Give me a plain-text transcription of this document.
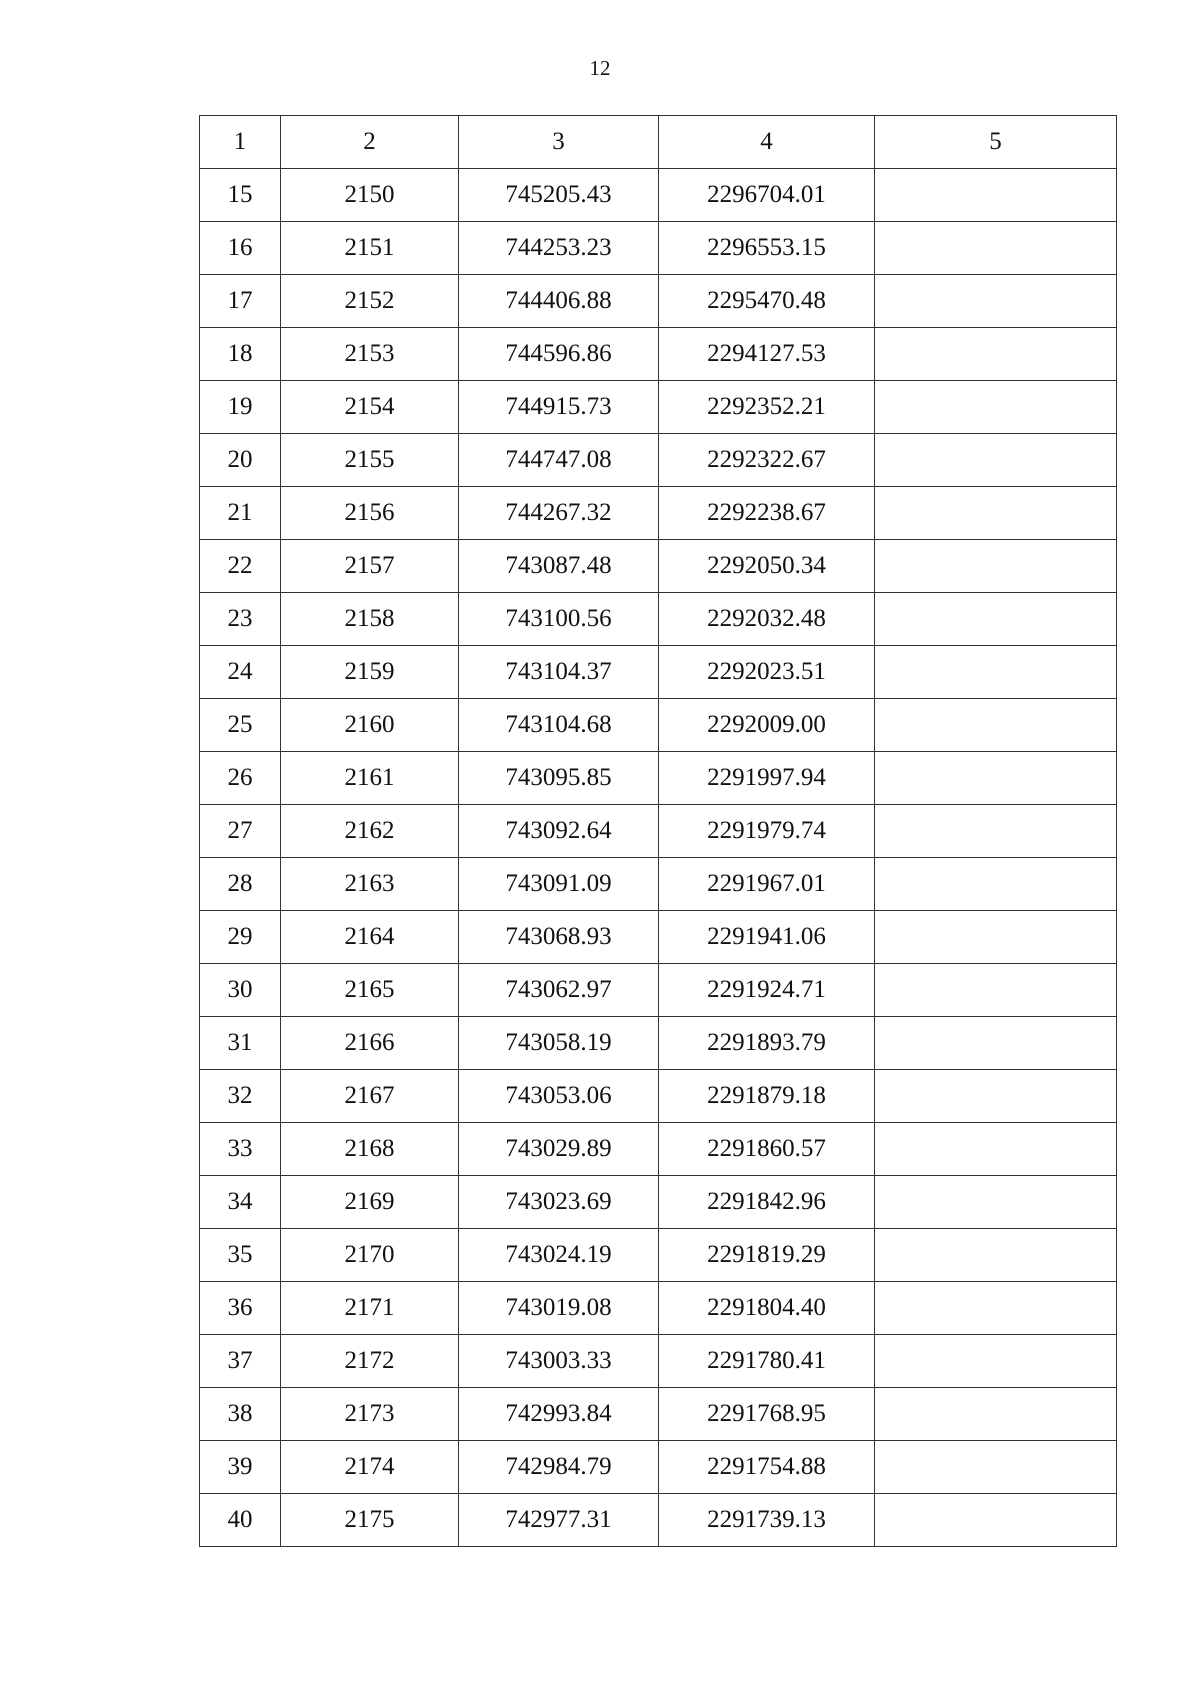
12
1	2	3	4	5
15	2150	745205.43	2296704.01	
16	2151	744253.23	2296553.15	
17	2152	744406.88	2295470.48	
18	2153	744596.86	2294127.53	
19	2154	744915.73	2292352.21	
20	2155	744747.08	2292322.67	
21	2156	744267.32	2292238.67	
22	2157	743087.48	2292050.34	
23	2158	743100.56	2292032.48	
24	2159	743104.37	2292023.51	
25	2160	743104.68	2292009.00	
26	2161	743095.85	2291997.94	
27	2162	743092.64	2291979.74	
28	2163	743091.09	2291967.01	
29	2164	743068.93	2291941.06	
30	2165	743062.97	2291924.71	
31	2166	743058.19	2291893.79	
32	2167	743053.06	2291879.18	
33	2168	743029.89	2291860.57	
34	2169	743023.69	2291842.96	
35	2170	743024.19	2291819.29	
36	2171	743019.08	2291804.40	
37	2172	743003.33	2291780.41	
38	2173	742993.84	2291768.95	
39	2174	742984.79	2291754.88	
40	2175	742977.31	2291739.13	
